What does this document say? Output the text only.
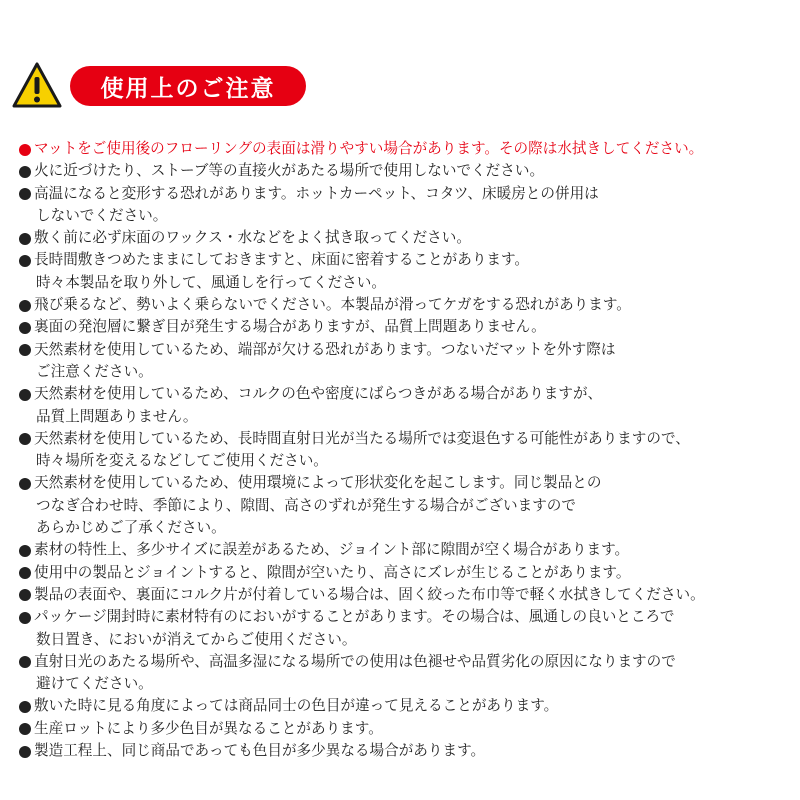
使用上のご注意
マットをご使用後のフローリングの表面は滑りやすい場合があります。その際は水拭きしてください。
火に近づけたり、ストーブ等の直接火があたる場所で使用しないでください。
高温になると変形する恐れがあります。ホットカーペット、コタツ、床暖房との併用は
しないでください。
敷く前に必ず床面のワックス・水などをよく拭き取ってください。
長時間敷きつめたままにしておきますと、床面に密着することがあります。
時々本製品を取り外して、風通しを行ってください。
飛び乗るなど、勢いよく乗らないでください。本製品が滑ってケガをする恐れがあります。
裏面の発泡層に繋ぎ目が発生する場合がありますが、品質上問題ありません。
天然素材を使用しているため、端部が欠ける恐れがあります。つないだマットを外す際は
ご注意ください。
天然素材を使用しているため、コルクの色や密度にばらつきがある場合がありますが、
品質上問題ありません。
天然素材を使用しているため、長時間直射日光が当たる場所では変退色する可能性がありますので、
時々場所を変えるなどしてご使用ください。
天然素材を使用しているため、使用環境によって形状変化を起こします。同じ製品との
つなぎ合わせ時、季節により、隙間、高さのずれが発生する場合がございますので
あらかじめご了承ください。
素材の特性上、多少サイズに誤差があるため、ジョイント部に隙間が空く場合があります。
使用中の製品とジョイントすると、隙間が空いたり、高さにズレが生じることがあります。
製品の表面や、裏面にコルク片が付着している場合は、固く絞った布巾等で軽く水拭きしてください。
パッケージ開封時に素材特有のにおいがすることがあります。その場合は、風通しの良いところで
数日置き、においが消えてからご使用ください。
直射日光のあたる場所や、高温多湿になる場所での使用は色褪せや品質劣化の原因になりますので
避けてください。
敷いた時に見る角度によっては商品同士の色目が違って見えることがあります。
生産ロットにより多少色目が異なることがあります。
製造工程上、同じ商品であっても色目が多少異なる場合があります。
